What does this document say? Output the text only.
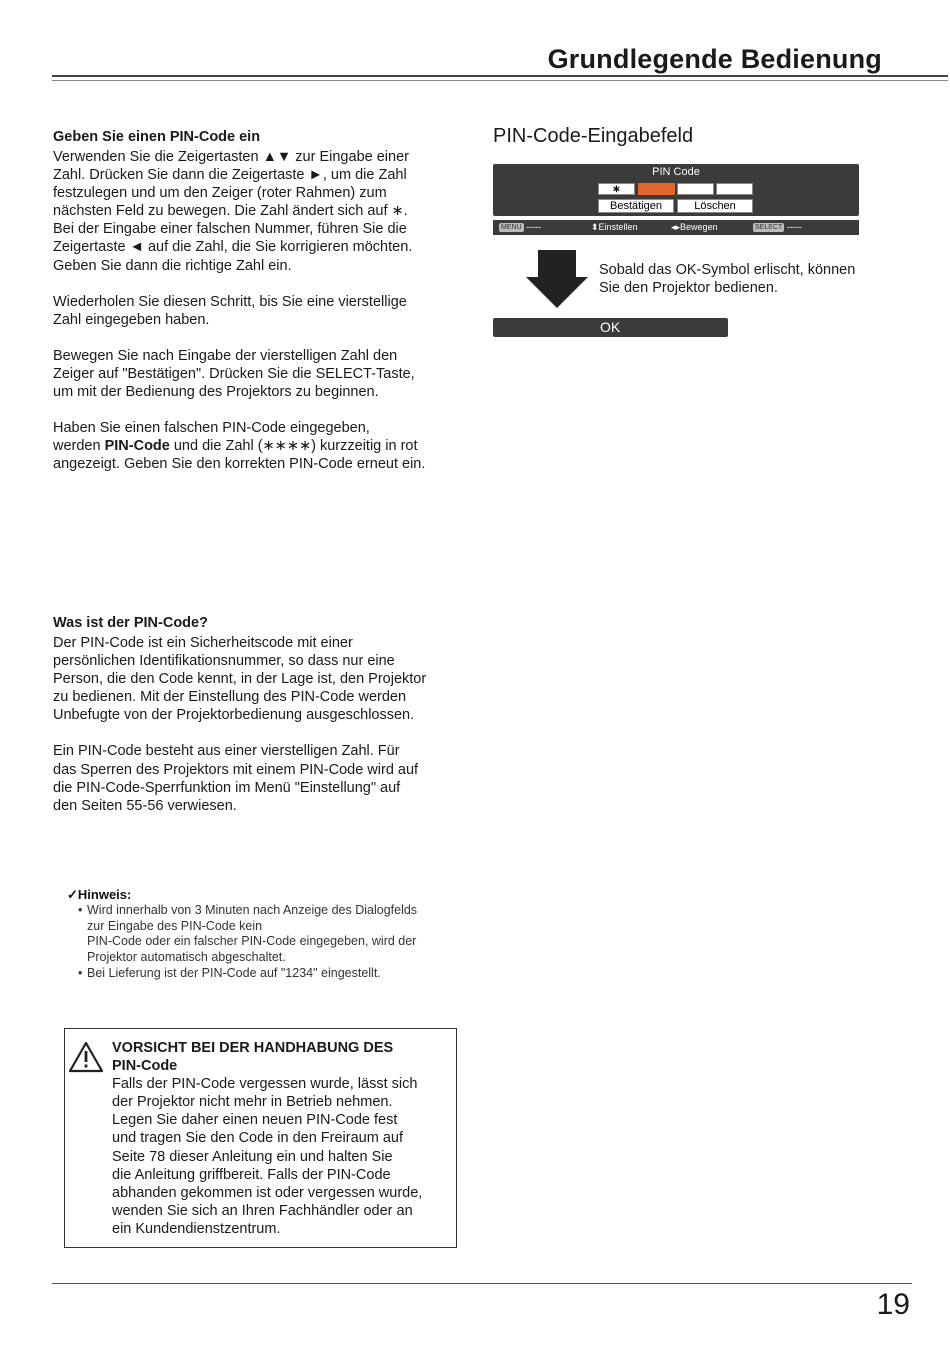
Grundlegende Bedienung

Geben Sie einen PIN-Code ein

Verwenden Sie die Zeigertasten ▲▼ zur Eingabe einer
Zahl. Drücken Sie dann die Zeigertaste ►, um die Zahl
festzulegen und um den Zeiger (roter Rahmen) zum
nächsten Feld zu bewegen. Die Zahl ändert sich auf ∗.
Bei der Eingabe einer falschen Nummer, führen Sie die
Zeigertaste ◄ auf die Zahl, die Sie korrigieren möchten.
Geben Sie dann die richtige Zahl ein.

Wiederholen Sie diesen Schritt, bis Sie eine vierstellige
Zahl eingegeben haben.

Bewegen Sie nach Eingabe der vierstelligen Zahl den
Zeiger auf "Bestätigen". Drücken Sie die SELECT-Taste,
um mit der Bedienung des Projektors zu beginnen.

Haben Sie einen falschen PIN-Code eingegeben,
werden PIN-Code und die Zahl (∗∗∗∗) kurzzeitig in rot
angezeigt. Geben Sie den korrekten PIN-Code erneut ein.

Was ist der PIN-Code?

Der PIN-Code ist ein Sicherheitscode mit einer
persönlichen Identifikationsnummer, so dass nur eine
Person, die den Code kennt, in der Lage ist, den Projektor
zu bedienen. Mit der Einstellung des PIN-Code werden
Unbefugte von der Projektorbedienung ausgeschlossen.

Ein PIN-Code besteht aus einer vierstelligen Zahl. Für
das Sperren des Projektors mit einem PIN-Code wird auf
die PIN-Code-Sperrfunktion im Menü "Einstellung" auf
den Seiten 55-56 verwiesen.

✓Hinweis:
• Wird innerhalb von 3 Minuten nach Anzeige des Dialogfelds
zur Eingabe des PIN-Code kein
PIN-Code oder ein falscher PIN-Code eingegeben, wird der
Projektor automatisch abgeschaltet.
• Bei Lieferung ist der PIN-Code auf "1234" eingestellt.
VORSICHT BEI DER HANDHABUNG DES
PIN-Code
Falls der PIN-Code vergessen wurde, lässt sich
der Projektor nicht mehr in Betrieb nehmen.
Legen Sie daher einen neuen PIN-Code fest
und tragen Sie den Code in den Freiraum auf
Seite 78 dieser Anleitung ein und halten Sie
die Anleitung griffbereit. Falls der PIN-Code
abhanden gekommen ist oder vergessen wurde,
wenden Sie sich an Ihren Fachhändler oder an
ein Kundendienstzentrum.
PIN-Code-Eingabefeld
PIN Code
∗
Bestätigen	Löschen
MENU -----	⬍Einstellen	◂▸Bewegen	SELECT -----
Sobald das OK-Symbol erlischt, können
Sie den Projektor bedienen.
OK
19
